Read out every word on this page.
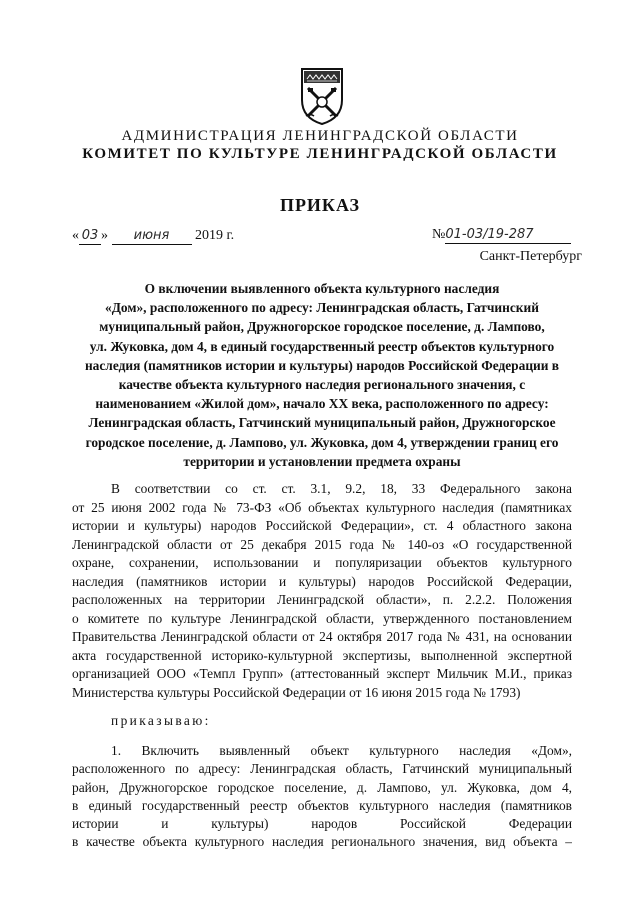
АДМИНИСТРАЦИЯ ЛЕНИНГРАДСКОЙ ОБЛАСТИ
КОМИТЕТ ПО КУЛЬТУРЕ ЛЕНИНГРАДСКОЙ ОБЛАСТИ
ПРИКАЗ
« 03 » июня 2019 г.	№01-03/19-287
Санкт-Петербург
О включении выявленного объекта культурного наследия
«Дом», расположенного по адресу: Ленинградская область, Гатчинский
муниципальный район, Дружногорское городское поселение, д. Лампово,
ул. Жуковка, дом 4, в единый государственный реестр объектов культурного
наследия (памятников истории и культуры) народов Российской Федерации в
качестве объекта культурного наследия регионального значения, с
наименованием «Жилой дом», начало XX века, расположенного по адресу:
Ленинградская область, Гатчинский муниципальный район, Дружногорское
городское поселение, д. Лампово, ул. Жуковка, дом 4, утверждении границ его
территории и установлении предмета охраны
В соответствии со ст. ст. 3.1, 9.2, 18, 33 Федерального закона
от 25 июня 2002 года № 73-ФЗ «Об объектах культурного наследия (памятниках
истории и культуры) народов Российской Федерации», ст. 4 областного закона
Ленинградской области от 25 декабря 2015 года № 140-оз «О государственной
охране, сохранении, использовании и популяризации объектов культурного
наследия (памятников истории и культуры) народов Российской Федерации,
расположенных на территории Ленинградской области», п. 2.2.2. Положения
о комитете по культуре Ленинградской области, утвержденного постановлением
Правительства Ленинградской области от 24 октября 2017 года № 431, на основании
акта государственной историко-культурной экспертизы, выполненной экспертной
организацией ООО «Темпл Групп» (аттестованный эксперт Мильчик М.И., приказ
Министерства культуры Российской Федерации от 16 июня 2015 года № 1793)
приказываю:
1. Включить выявленный объект культурного наследия «Дом»,
расположенного по адресу: Ленинградская область, Гатчинский муниципальный
район, Дружногорское городское поселение, д. Лампово, ул. Жуковка, дом 4,
в единый государственный реестр объектов культурного наследия (памятников
истории и культуры) народов Российской Федерации
в качестве объекта культурного наследия регионального значения, вид объекта –
